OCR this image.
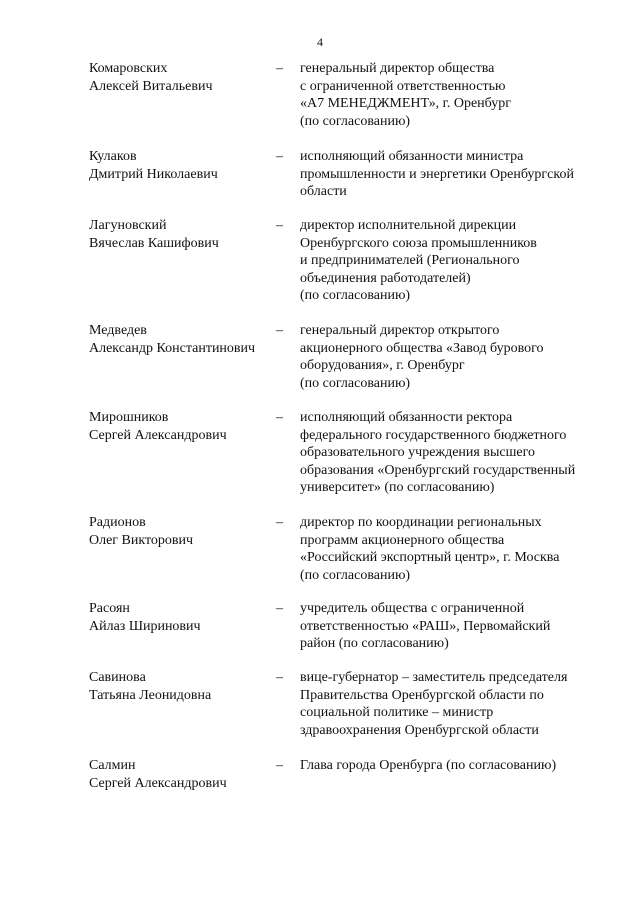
4
Комаровских
Алексей Витальевич
– генеральный директор общества
с ограниченной ответственностью
«А7 МЕНЕДЖМЕНТ», г. Оренбург
(по согласованию)
Кулаков
Дмитрий Николаевич
– исполняющий обязанности министра
промышленности и энергетики Оренбургской
области
Лагуновский
Вячеслав Кашифович
– директор исполнительной дирекции
Оренбургского союза промышленников
и предпринимателей (Регионального
объединения работодателей)
(по согласованию)
Медведев
Александр Константинович
– генеральный директор открытого
акционерного общества «Завод бурового
оборудования», г. Оренбург
(по согласованию)
Мирошников
Сергей Александрович
– исполняющий обязанности ректора
федерального государственного бюджетного
образовательного учреждения высшего
образования «Оренбургский государственный
университет» (по согласованию)
Радионов
Олег Викторович
– директор по координации региональных
программ акционерного общества
«Российский экспортный центр», г. Москва
(по согласованию)
Расоян
Айлаз Ширинович
– учредитель общества с ограниченной
ответственностью «РАШ», Первомайский
район (по согласованию)
Савинова
Татьяна Леонидовна
– вице-губернатор – заместитель председателя
Правительства Оренбургской области по
социальной политике – министр
здравоохранения Оренбургской области
Салмин
Сергей Александрович
– Глава города Оренбурга (по согласованию)
